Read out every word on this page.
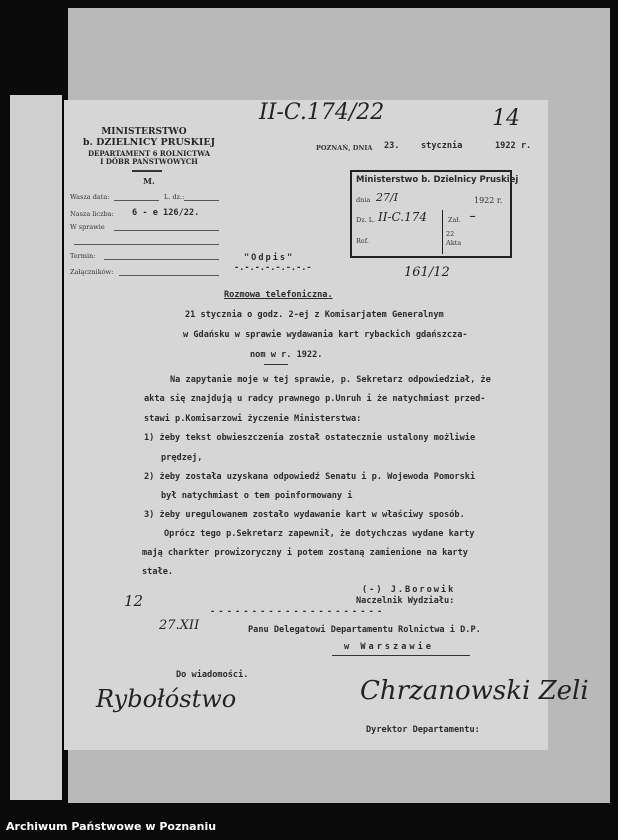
MINISTERSTWO
b. DZIELNICY PRUSKIEJ
DEPARTAMENT 6 ROLNICTWA
I DÓBR PAŃSTWOWYCH
M.
Wasza data:	L. dz.:
Nasza liczba: 6 - e 126/22.
W sprawie
Termin:
Załączników:
II-C.174/22	14
POZNAŃ, DNIA 23. stycznia	1922 r.
Ministerstwo b. Dzielnicy Pruskiej
dnia 27/I	1922 r.
Dz. L. II-C.174	Zał. —
Ref.
22
Akta
161/12
"Odpis"
-.-.-.-.-.-.-.-
Rozmowa telefoniczna.
21 stycznia o godz. 2-ej z Komisarjatem Generalnym
w Gdańsku w sprawie wydawania kart rybackich gdańszcza-
nom w r. 1922.
Na zapytanie moje w tej sprawie, p. Sekretarz odpowiedział, że
akta się znajdują u radcy prawnego p.Unruh i że natychmiast przed-
stawi p.Komisarzowi życzenie Ministerstwa:
1) żeby tekst obwieszczenia został ostatecznie ustalony możliwie
prędzej,
2) żeby została uzyskana odpowiedź Senatu i p. Wojewoda Pomorski
był natychmiast o tem poinformowany i
3) żeby uregulowanem zostało wydawanie kart w właściwy sposób.
Oprócz tego p.Sekretarz zapewnił, że dotychczas wydane karty
mają charkter prowizoryczny i potem zostaną zamienione na karty
stałe.
(-) J.Borowik
Naczelnik Wydziału:
- - - - - - - - - - - - - - - - - - - - -
Panu Delegatowi Departamentu Rolnictwa i D.P.
w Warszawie
Do wiadomości.
Dyrektor Departamentu:
12
27.XII
Rybołóstwo	Chrzanowski Zeli
Archiwum Państwowe w Poznaniu
